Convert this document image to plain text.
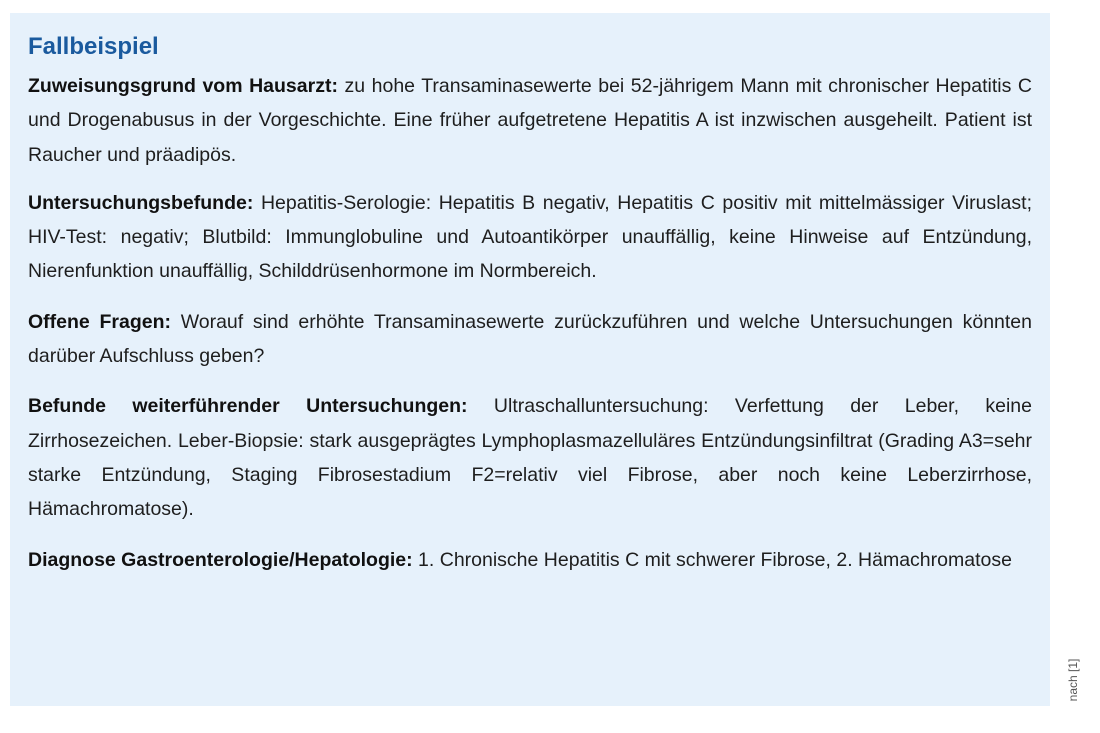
Fallbeispiel

Zuweisungsgrund vom Hausarzt: zu hohe Transaminasewerte bei 52-jährigem Mann mit chronischer Hepatitis C und Drogenabusus in der Vorgeschichte. Eine früher aufgetretene Hepatitis A ist inzwischen ausgeheilt. Patient ist Raucher und präadipös.

Untersuchungsbefunde: Hepatitis-Serologie: Hepatitis B negativ, Hepatitis C positiv mit mittelmässiger Viruslast; HIV-Test: negativ; Blutbild: Immunglobuline und Autoantikörper unauffällig, keine Hinweise auf Entzündung, Nierenfunktion unauffällig, Schilddrüsenhormone im Normbereich.

Offene Fragen: Worauf sind erhöhte Transaminasewerte zurückzuführen und welche Untersuchungen könnten darüber Aufschluss geben?

Befunde weiterführender Untersuchungen: Ultraschalluntersuchung: Verfettung der Leber, keine Zirrhosezeichen. Leber-Biopsie: stark ausgeprägtes Lymphoplasmazelluläres Entzündungsinfiltrat (Grading A3=sehr starke Entzündung, Staging Fibrosestadium F2=relativ viel Fibrose, aber noch keine Leberzirrhose, Hämachromatose).

Diagnose Gastroenterologie/Hepatologie: 1. Chronische Hepatitis C mit schwerer Fibrose, 2. Hämachromatose

nach [1]
